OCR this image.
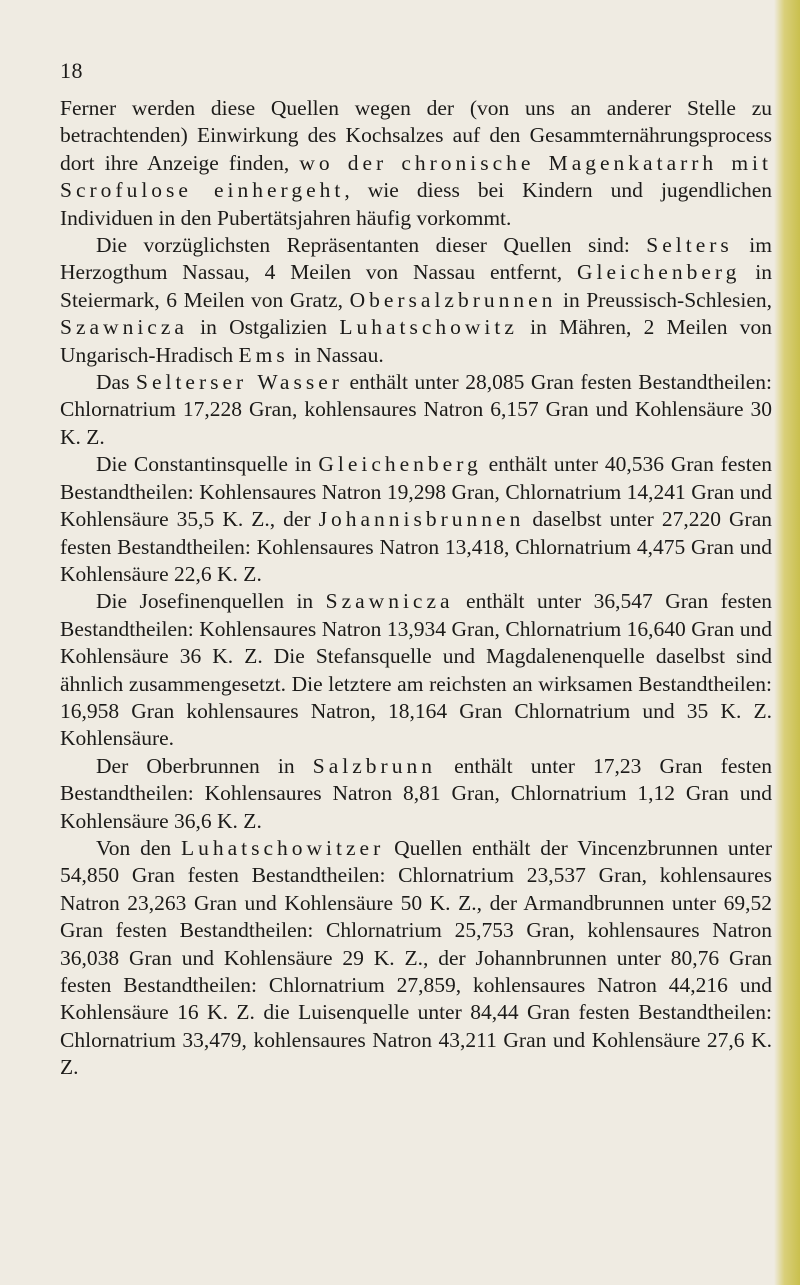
18

Ferner werden diese Quellen wegen der (von uns an anderer Stelle zu betrachtenden) Einwirkung des Kochsalzes auf den Gesammternährungsprocess dort ihre Anzeige finden, wo der chronische Magenkatarrh mit Scrofulose einhergeht, wie diess bei Kindern und jugendlichen Individuen in den Pubertätsjahren häufig vorkommt.

Die vorzüglichsten Repräsentanten dieser Quellen sind: Selters im Herzogthum Nassau, 4 Meilen von Nassau entfernt, Gleichenberg in Steiermark, 6 Meilen von Gratz, Obersalzbrunnen in Preussisch-Schlesien, Szawnicza in Ostgalizien Luhatschowitz in Mähren, 2 Meilen von Ungarisch-Hradisch Ems in Nassau.

Das Selterser Wasser enthält unter 28,085 Gran festen Bestandtheilen: Chlornatrium 17,228 Gran, kohlensaures Natron 6,157 Gran und Kohlensäure 30 K. Z.

Die Constantinsquelle in Gleichenberg enthält unter 40,536 Gran festen Bestandtheilen: Kohlensaures Natron 19,298 Gran, Chlornatrium 14,241 Gran und Kohlensäure 35,5 K. Z., der Johannisbrunnen daselbst unter 27,220 Gran festen Bestandtheilen: Kohlensaures Natron 13,418, Chlornatrium 4,475 Gran und Kohlensäure 22,6 K. Z.

Die Josefinenquellen in Szawnicza enthält unter 36,547 Gran festen Bestandtheilen: Kohlensaures Natron 13,934 Gran, Chlornatrium 16,640 Gran und Kohlensäure 36 K. Z. Die Stefansquelle und Magdalenenquelle daselbst sind ähnlich zusammengesetzt. Die letztere am reichsten an wirksamen Bestandtheilen: 16,958 Gran kohlensaures Natron, 18,164 Gran Chlornatrium und 35 K. Z. Kohlensäure.

Der Oberbrunnen in Salzbrunn enthält unter 17,23 Gran festen Bestandtheilen: Kohlensaures Natron 8,81 Gran, Chlornatrium 1,12 Gran und Kohlensäure 36,6 K. Z.

Von den Luhatschowitzer Quellen enthält der Vincenzbrunnen unter 54,850 Gran festen Bestandtheilen: Chlornatrium 23,537 Gran, kohlensaures Natron 23,263 Gran und Kohlensäure 50 K. Z., der Armandbrunnen unter 69,52 Gran festen Bestandtheilen: Chlornatrium 25,753 Gran, kohlensaures Natron 36,038 Gran und Kohlensäure 29 K. Z., der Johannbrunnen unter 80,76 Gran festen Bestandtheilen: Chlornatrium 27,859, kohlensaures Natron 44,216 und Kohlensäure 16 K. Z. die Luisenquelle unter 84,44 Gran festen Bestandtheilen: Chlornatrium 33,479, kohlensaures Natron 43,211 Gran und Kohlensäure 27,6 K. Z.
